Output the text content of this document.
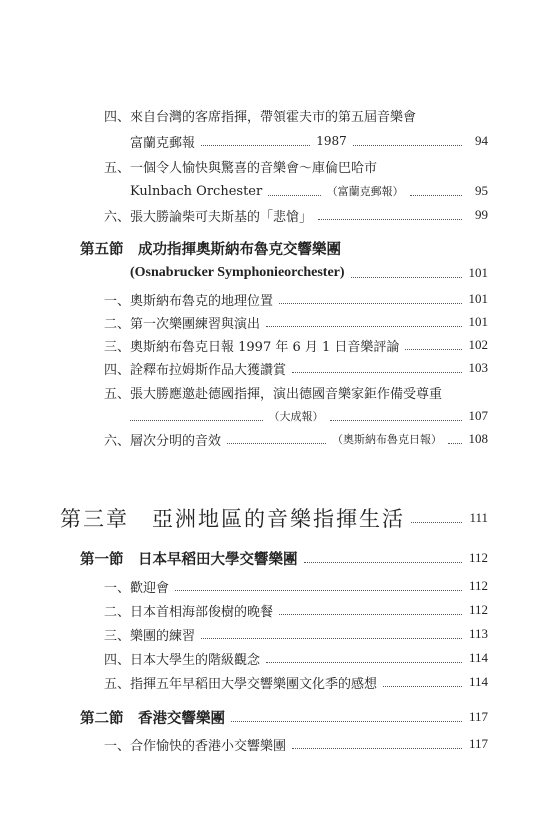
四、來自台灣的客席指揮，帶領霍夫市的第五屆音樂會
富蘭克郵報	1987	94
五、一個令人愉快與驚喜的音樂會～庫倫巴哈市
Kulnbach Orchester	（富蘭克郵報）	95
六、張大勝論柴可夫斯基的「悲愴」	99
第五節　成功指揮奧斯納布魯克交響樂團
(Osnabrucker Symphonieorchester)	101
一、奧斯納布魯克的地理位置	101
二、第一次樂團練習與演出	101
三、奧斯納布魯克日報 1997 年 6 月 1 日音樂評論	102
四、詮釋布拉姆斯作品大獲讚賞	103
五、張大勝應邀赴德國指揮，演出德國音樂家鉅作備受尊重
（大成報）	107
六、層次分明的音效	（奧斯納布魯克日報） 108
第三章　亞洲地區的音樂指揮生活	111
第一節　日本早稻田大學交響樂團	112
一、歡迎會	112
二、日本首相海部俊樹的晚餐	112
三、樂團的練習	113
四、日本大學生的階級觀念	114
五、指揮五年早稻田大學交響樂團文化季的感想	114
第二節　香港交響樂團	117
一、合作愉快的香港小交響樂團	117
